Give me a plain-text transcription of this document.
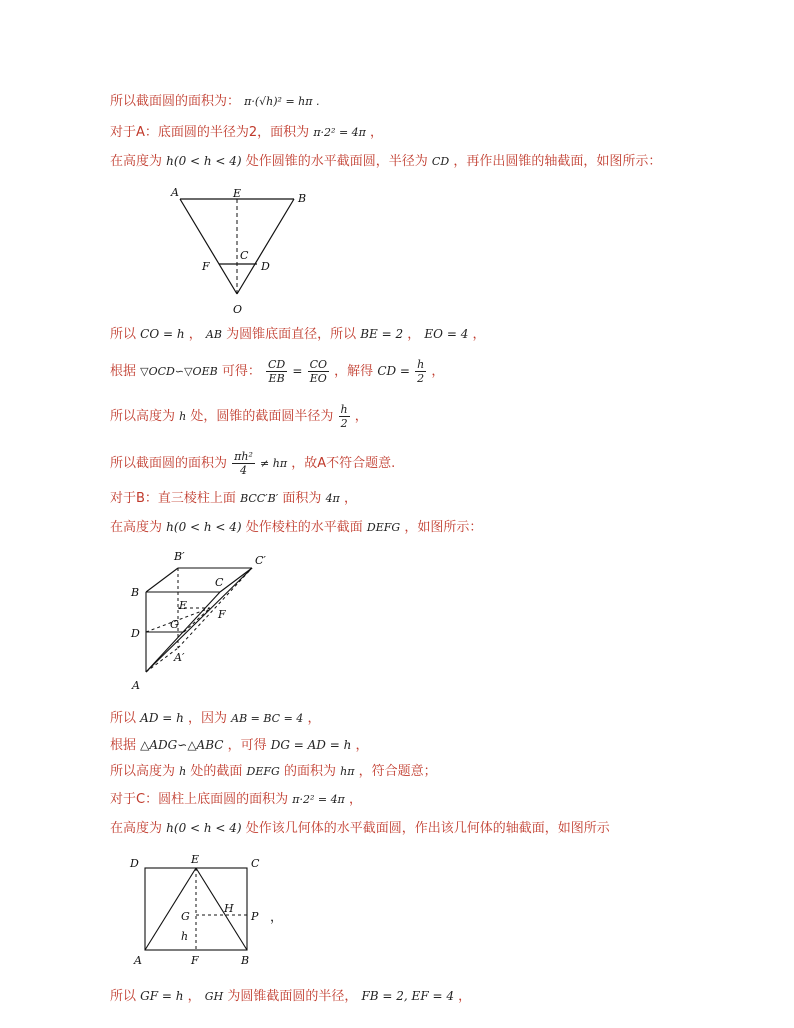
所以截面圆的面积为： π·(√h)² = hπ .
对于A：底面圆的半径为2，面积为 π·2² = 4π ，
在高度为 h(0 < h < 4) 处作圆锥的水平截面圆，半径为 CD ，再作出圆锥的轴截面，如图所示：
A	E	B
C
F	D
O
所以 CO = h ， AB 为圆锥底面直径，所以 BE = 2 ， EO = 4 ，
根据 ▽OCD∽▽OEB 可得： $\frac{CD}{EB} = \frac{CO}{EO}$ ，解得 CD = $\frac{h}{2}$ ，
所以高度为 h 处，圆锥的截面圆半径为 $\frac{h}{2}$ ，
所以截面圆的面积为 $\frac{\text{πh²}}{4} \ne h\pi$ ，故A不符合题意.
对于B：直三棱柱上面 BCC′B′ 面积为 4π ，
在高度为 h(0 < h < 4) 处作棱柱的水平截面 DEFG ，如图所示：
B′	C′
C
B
E
F
D
G
A′
A
所以 AD = h ，因为 AB = BC = 4 ，
根据 △ADG∽△ABC ，可得 DG = AD = h ，
所以高度为 h 处的截面 DEFG 的面积为 hπ ，符合题意；
对于C：圆柱上底面圆的面积为 π·2² = 4π ，
在高度为 h(0 < h < 4) 处作该几何体的水平截面圆，作出该几何体的轴截面，如图所示
D	E	C
G
H
P
h
A	F	B
，
所以 GF = h ， GH 为圆锥截面圆的半径， FB = 2, EF = 4 ，
